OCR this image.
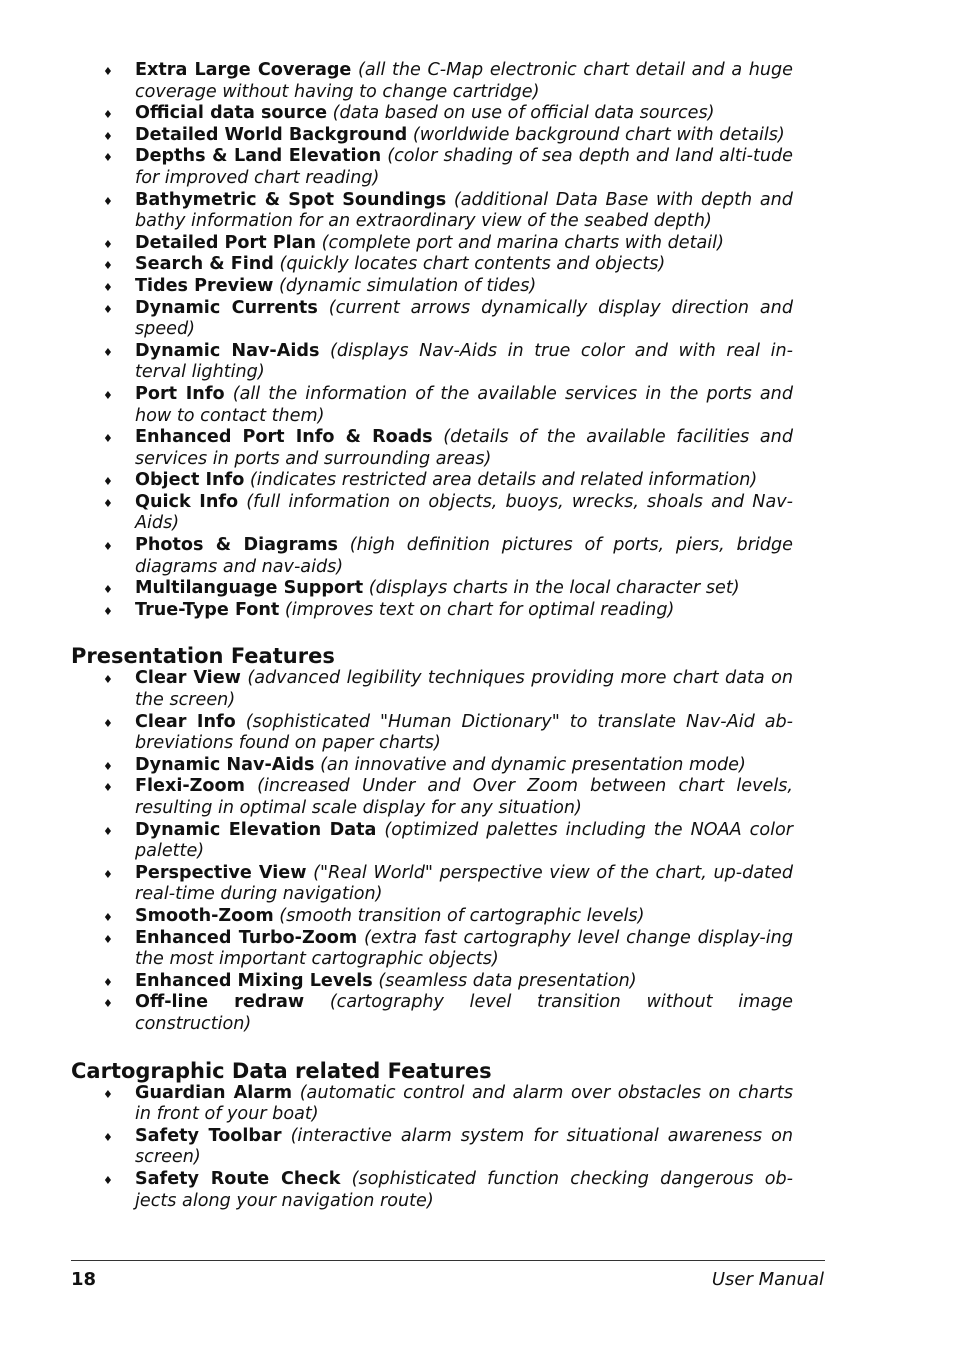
♦ Extra Large Coverage (all the C-Map electronic chart detail and a huge coverage without having to change cartridge)
♦ Official data source (data based on use of official data sources)
♦ Detailed World Background (worldwide background chart with details)
♦ Depths & Land Elevation (color shading of sea depth and land alti-tude for improved chart reading)
♦ Bathymetric & Spot Soundings (additional Data Base with depth and bathy information for an extraordinary view of the seabed depth)
♦ Detailed Port Plan (complete port and marina charts with detail)
♦ Search & Find (quickly locates chart contents and objects)
♦ Tides Preview (dynamic simulation of tides)
♦ Dynamic Currents (current arrows dynamically display direction and speed)
♦ Dynamic Nav-Aids (displays Nav-Aids in true color and with real in-terval lighting)
♦ Port Info (all the information of the available services in the ports and how to contact them)
♦ Enhanced Port Info & Roads (details of the available facilities and services in ports and surrounding areas)
♦ Object Info (indicates restricted area details and related information)
♦ Quick Info (full information on objects, buoys, wrecks, shoals and Nav-Aids)
♦ Photos & Diagrams (high definition pictures of ports, piers, bridge diagrams and nav-aids)
♦ Multilanguage Support (displays charts in the local character set)
♦ True-Type Font (improves text on chart for optimal reading)
Presentation Features
♦ Clear View (advanced legibility techniques providing more chart data on the screen)
♦ Clear Info (sophisticated "Human Dictionary" to translate Nav-Aid ab-breviations found on paper charts)
♦ Dynamic Nav-Aids (an innovative and dynamic presentation mode)
♦ Flexi-Zoom (increased Under and Over Zoom between chart levels, resulting in optimal scale display for any situation)
♦ Dynamic Elevation Data (optimized palettes including the NOAA color palette)
♦ Perspective View ("Real World" perspective view of the chart, up-dated real-time during navigation)
♦ Smooth-Zoom (smooth transition of cartographic levels)
♦ Enhanced Turbo-Zoom (extra fast cartography level change display-ing the most important cartographic objects)
♦ Enhanced Mixing Levels (seamless data presentation)
♦ Off-line redraw (cartography level transition without image construction)
Cartographic Data related Features
♦ Guardian Alarm (automatic control and alarm over obstacles on charts in front of your boat)
♦ Safety Toolbar (interactive alarm system for situational awareness on screen)
♦ Safety Route Check (sophisticated function checking dangerous ob-jects along your navigation route)
18	User Manual
